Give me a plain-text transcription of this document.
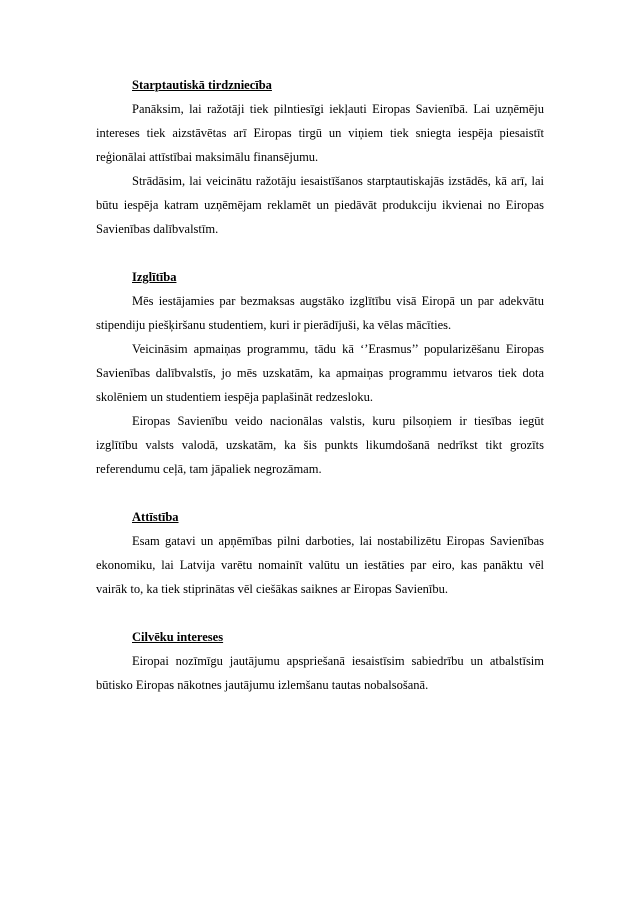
Starptautiskā tirdzniecība

Panāksim, lai ražotāji tiek pilntiesīgi iekļauti Eiropas Savienībā. Lai uzņēmēju intereses tiek aizstāvētas arī Eiropas tirgū un viņiem tiek sniegta iespēja piesaistīt reģionālai attīstībai maksimālu finansējumu.

Strādāsim, lai veicinātu ražotāju iesaistīšanos starptautiskajās izstādēs, kā arī, lai būtu iespēja katram uzņēmējam reklamēt un piedāvāt produkciju ikvienai no Eiropas Savienības dalībvalstīm.

Izglītība

Mēs iestājamies par bezmaksas augstāko izglītību visā Eiropā un par adekvātu stipendiju piešķiršanu studentiem, kuri ir pierādījuši, ka vēlas mācīties.

Veicināsim apmaiņas programmu, tādu kā ‘’Erasmus’’ popularizēšanu Eiropas Savienības dalībvalstīs, jo mēs uzskatām, ka apmaiņas programmu ietvaros tiek dota skolēniem un studentiem iespēja paplašināt redzesloku.

Eiropas Savienību veido nacionālas valstis, kuru pilsoņiem ir tiesības iegūt izglītību valsts valodā, uzskatām, ka šis punkts likumdošanā nedrīkst tikt grozīts referendumu ceļā, tam jāpaliek negrozāmam.

Attīstība

Esam gatavi un apņēmības pilni darboties, lai nostabilizētu Eiropas Savienības ekonomiku, lai Latvija varētu nomainīt valūtu un iestāties par eiro, kas panāktu vēl vairāk to, ka tiek stiprinātas vēl ciešākas saiknes ar Eiropas Savienību.

Cilvēku intereses

Eiropai nozīmīgu jautājumu apspriešanā iesaistīsim sabiedrību un atbalstīsim būtisko Eiropas nākotnes jautājumu izlemšanu tautas nobalsošanā.
